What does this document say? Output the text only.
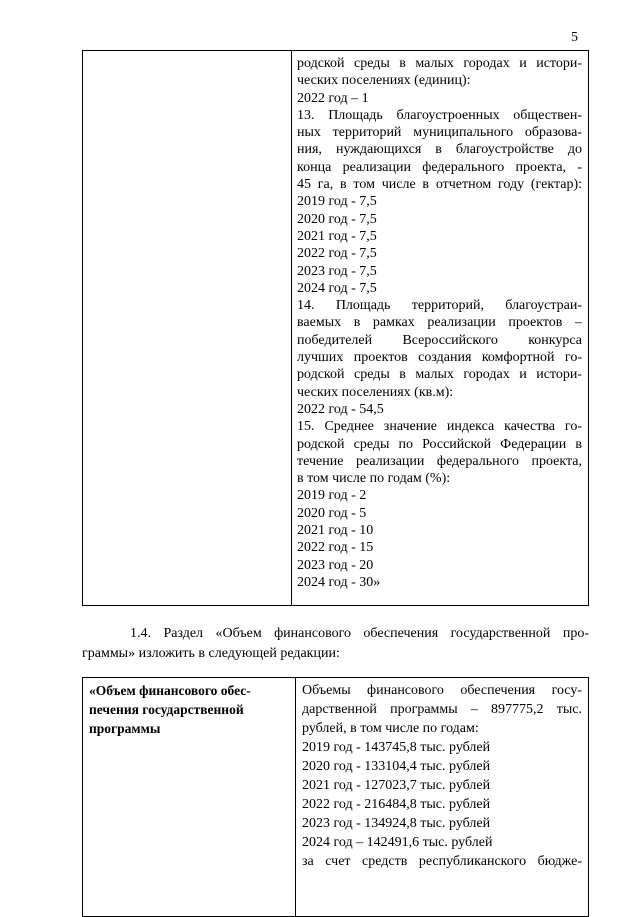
5
родской среды в малых городах и истори-
ческих поселениях (единиц):
2022 год – 1
13. Площадь благоустроенных обществен-
ных территорий муниципального образова-
ния, нуждающихся в благоустройстве до
конца реализации федерального проекта, -
45 га, в том числе в отчетном году (гектар):
2019 год - 7,5
2020 год - 7,5
2021 год - 7,5
2022 год - 7,5
2023 год - 7,5
2024 год - 7,5
14. Площадь территорий, благоустраи-
ваемых в рамках реализации проектов –
победителей Всероссийского конкурса
лучших проектов создания комфортной го-
родской среды в малых городах и истори-
ческих поселениях (кв.м):
2022 год - 54,5
15. Среднее значение индекса качества го-
родской среды по Российской Федерации в
течение реализации федерального проекта,
в том числе по годам (%):
2019 год - 2
2020 год - 5
2021 год - 10
2022 год - 15
2023 год - 20
2024 год - 30»
1.4. Раздел «Объем финансового обеспечения государственной про-
граммы» изложить в следующей редакции:
«Объем финансового обес-
печения государственной
программы
Объемы финансового обеспечения госу-
дарственной программы – 897775,2 тыс.
рублей, в том числе по годам:
2019 год - 143745,8 тыс. рублей
2020 год - 133104,4 тыс. рублей
2021 год - 127023,7 тыс. рублей
2022 год - 216484,8 тыс. рублей
2023 год - 134924,8 тыс. рублей
2024 год – 142491,6 тыс. рублей
за счет средств республиканского бюдже-
